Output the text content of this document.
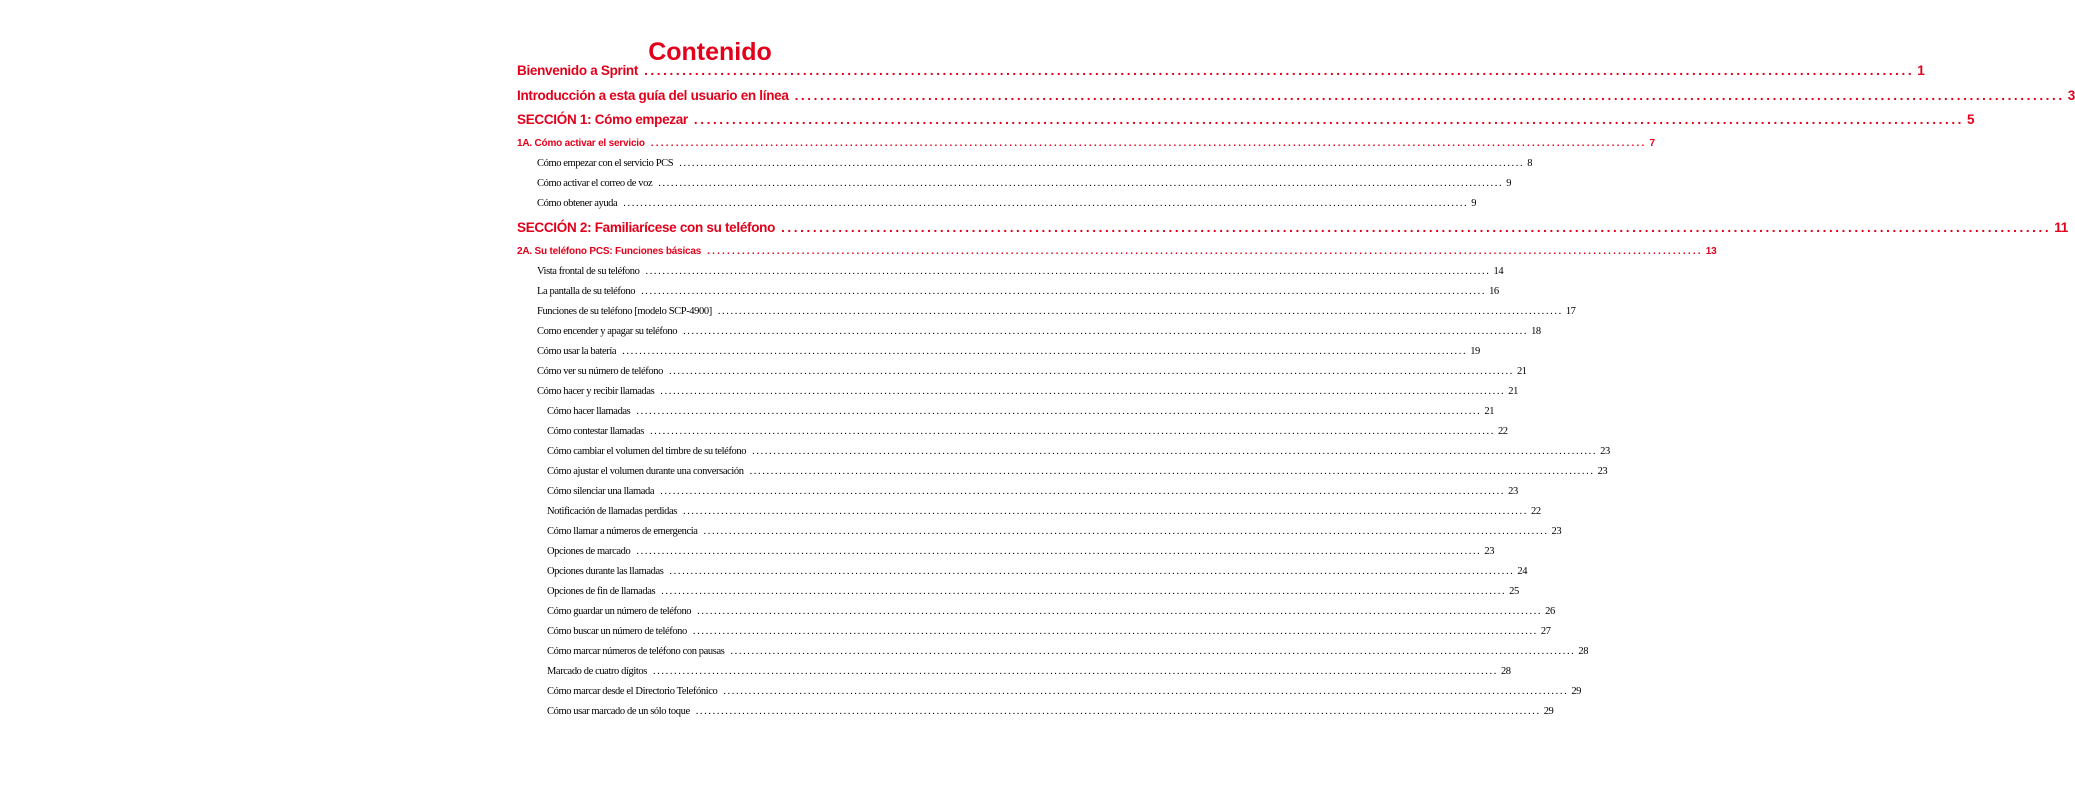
Contenido
Bienvenido a Sprint ........................................................................................................................................................................................................ 1
Introducción a esta guía del usuario en línea ........................................................................................................................................................................................................ 3
SECCIÓN 1: Cómo empezar ........................................................................................................................................................................................................ 5
1A. Cómo activar el servicio ........................................................................................................................................................................................................ 7
Cómo empezar con el servicio PCS ........................................................................................................................................................................................................ 8
Cómo activar el correo de voz ........................................................................................................................................................................................................ 9
Cómo obtener ayuda ........................................................................................................................................................................................................ 9
SECCIÓN 2: Familiarícese con su teléfono ........................................................................................................................................................................................................ 11
2A. Su teléfono PCS: Funciones básicas ........................................................................................................................................................................................................ 13
Vista frontal de su teléfono ........................................................................................................................................................................................................ 14
La pantalla de su teléfono ........................................................................................................................................................................................................ 16
Funciones de su teléfono [modelo SCP-4900] ........................................................................................................................................................................................................ 17
Como encender y apagar su teléfono ........................................................................................................................................................................................................ 18
Cómo usar la batería ........................................................................................................................................................................................................ 19
Cómo ver su número de teléfono ........................................................................................................................................................................................................ 21
Cómo hacer y recibir llamadas ........................................................................................................................................................................................................ 21
Cómo hacer llamadas ........................................................................................................................................................................................................ 21
Cómo contestar llamadas ........................................................................................................................................................................................................ 22
Cómo cambiar el volumen del timbre de su teléfono ........................................................................................................................................................................................................ 23
Cómo ajustar el volumen durante una conversación ........................................................................................................................................................................................................ 23
Cómo silenciar una llamada ........................................................................................................................................................................................................ 23
Notificación de llamadas perdidas ........................................................................................................................................................................................................ 22
Cómo llamar a números de emergencia ........................................................................................................................................................................................................ 23
Opciones de marcado ........................................................................................................................................................................................................ 23
Opciones durante las llamadas ........................................................................................................................................................................................................ 24
Opciones de fin de llamadas ........................................................................................................................................................................................................ 25
Cómo guardar un número de teléfono ........................................................................................................................................................................................................ 26
Cómo buscar un número de teléfono ........................................................................................................................................................................................................ 27
Cómo marcar números de teléfono con pausas ........................................................................................................................................................................................................ 28
Marcado de cuatro dígitos ........................................................................................................................................................................................................ 28
Cómo marcar desde el Directorio Telefónico ........................................................................................................................................................................................................ 29
Cómo usar marcado de un sólo toque ........................................................................................................................................................................................................ 29
